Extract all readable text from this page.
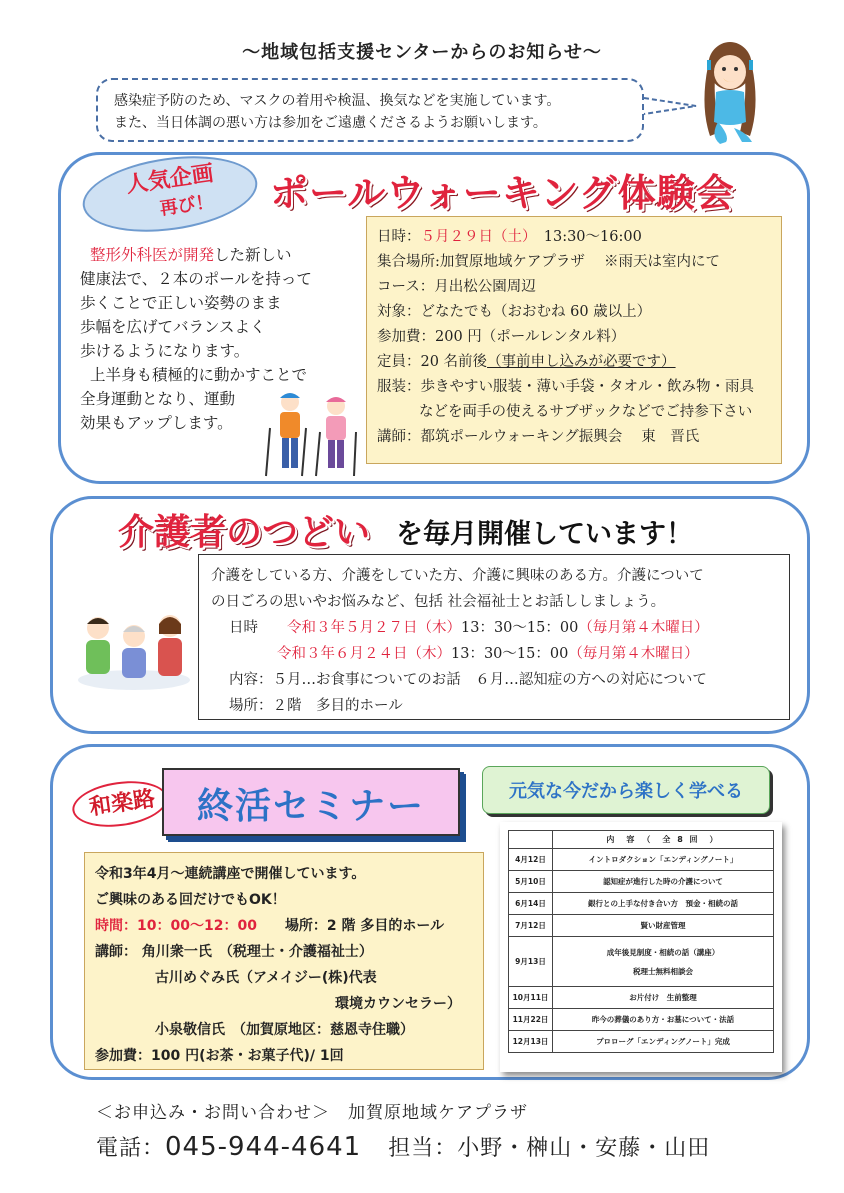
～地域包括支援センターからのお知らせ～
感染症予防のため、マスクの着用や検温、換気などを実施しています。
また、当日体調の悪い方は参加をご遠慮くださるようお願いします。
人気企画
再び！	ポールウォーキング体験会
整形外科医が開発した新しい
健康法で、２本のポールを持って
歩くことで正しい姿勢のまま
歩幅を広げてバランスよく
歩けるようになります。
上半身も積極的に動かすことで
全身運動となり、運動
効果もアップします。
日時：５月２９日（土）　 13:30～16:00
集合場所:加賀原地域ケアプラザ　 ※雨天は室内にて
コース：月出松公園周辺
対象：どなたでも（おおむね 60 歳以上）
参加費：200 円（ポールレンタル料）
定員：20 名前後（事前申し込みが必要です）
服装：歩きやすい服装・薄い手袋・タオル・飲み物・雨具
などを両手の使えるサブザックなどでご持参下さい
講師：都筑ポールウォーキング振興会　 東　晋氏
介護者のつどい を毎月開催しています！
介護をしている方、介護をしていた方、介護に興味のある方。介護について
の日ごろの思いやお悩みなど、包括 社会福祉士とお話ししましょう。
日時　　 令和３年５月２７日（木）13：30～15：00（毎月第４木曜日）
令和３年６月２４日（木）13：30～15：00（毎月第４木曜日）
内容：５月…お食事についてのお話　６月…認知症の方への対応について
場所：２階　多目的ホール
和楽路	終活セミナー	元気な今だから楽しく学べる
令和3年4月～連続講座で開催しています。
ご興味のある回だけでもOK！
時間：10：00～12：00　　 場所：2 階 多目的ホール
講師： 角川衆一氏　（税理士・介護福祉士）
古川めぐみ氏（アメイジー(株)代表
環境カウンセラー）
小泉敬信氏　（加賀原地区：慈恩寺住職）
参加費：100 円(お茶・お菓子代)/ 1回
	内　容　（　全 8 回　）
4月12日	イントロダクション「エンディングノート」
5月10日	認知症が進行した時の介護について
6月14日	銀行との上手な付き合い方　預金・相続の話
7月12日	賢い財産管理
9月13日	成年後見制度・相続の話（講座）
税理士無料相談会

10月11日	お片付け　生前整理
11月22日	昨今の葬儀のあり方・お墓について・法話
12月13日	プロローグ「エンディングノート」完成
＜お申込み・お問い合わせ＞　加賀原地域ケアプラザ
電話：045-944-4641　 担当：小野・榊山・安藤・山田
